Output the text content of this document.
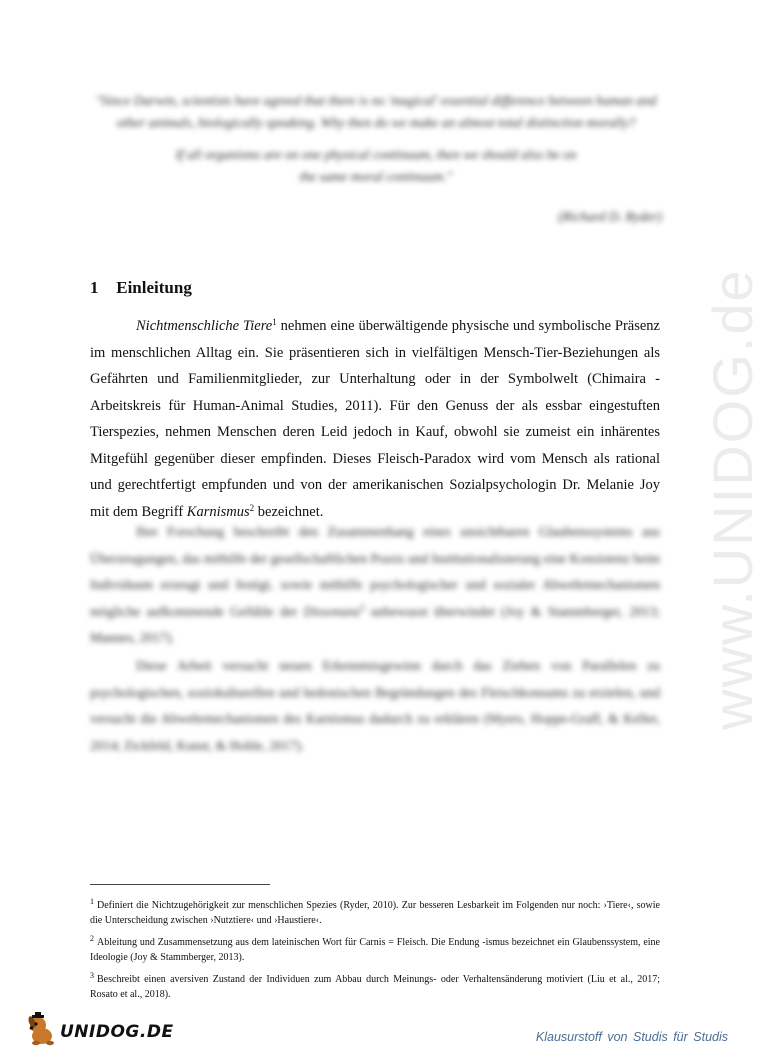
www.UNIDOG.de

"Since Darwin, scientists have agreed that there is no 'magical' essential difference between human and other animals, biologically speaking. Why then do we make an almost total distinction morally?

If all organisms are on one physical continuum, then we should also be on the same moral continuum."

(Richard D. Ryder)
1 Einleitung

Nichtmenschliche Tiere$^1$ nehmen eine überwältigende physische und symbolische Präsenz im menschlichen Alltag ein. Sie präsentieren sich in vielfältigen Mensch-Tier-Beziehungen als Gefährten und Familienmitglieder, zur Unterhaltung oder in der Symbolwelt (Chimaira - Arbeitskreis für Human-Animal Studies, 2011). Für den Genuss der als essbar eingestuften Tierspezies, nehmen Menschen deren Leid jedoch in Kauf, obwohl sie zumeist ein inhärentes Mitgefühl gegenüber dieser empfinden. Dieses Fleisch-Paradox wird vom Mensch als rational und gerechtfertigt empfunden und von der amerikanischen Sozialpsychologin Dr. Melanie Joy mit dem Begriff Karnismus$^2$ bezeichnet.

Ihre Forschung beschreibt den Zusammenhang eines unsichtbaren Glaubenssystems aus Überzeugungen, das mithilfe der gesellschaftlichen Praxis und Institutionalisierung eine Konsistenz beim Individuum erzeugt und festigt, sowie mithilfe psychologischer und sozialer Abwehrmechanismen mögliche aufkommende Gefühle der Dissonanz$^3$ unbewusst überwindet (Joy & Stammberger, 2013; Mannes, 2017).

Diese Arbeit versucht neuen Erkenntnisgewinn durch das Ziehen von Parallelen zu psychologischen, soziokulturellen und hedonischen Begründungen des Fleischkonsums zu erzielen, und versucht die Abwehrmechanismen des Karnismus dadurch zu erklären (Myers, Hoppe-Graff, & Keller, 2014; Zickfeld, Kunst, & Hohle, 2017).

$^1$ Definiert die Nichtzugehörigkeit zur menschlichen Spezies (Ryder, 2010). Zur besseren Lesbarkeit im Folgenden nur noch: ›Tiere‹, sowie die Unterscheidung zwischen ›Nutztiere‹ und ›Haustiere‹.

$^2$ Ableitung und Zusammensetzung aus dem lateinischen Wort für Carnis = Fleisch. Die Endung -ismus bezeichnet ein Glaubenssystem, eine Ideologie (Joy & Stammberger, 2013).

$^3$ Beschreibt einen aversiven Zustand der Individuen zum Abbau durch Meinungs- oder Verhaltensänderung motiviert (Liu et al., 2017; Rosato et al., 2018).

UNIDOG.DE	Klausurstoff von Studis für Studis
